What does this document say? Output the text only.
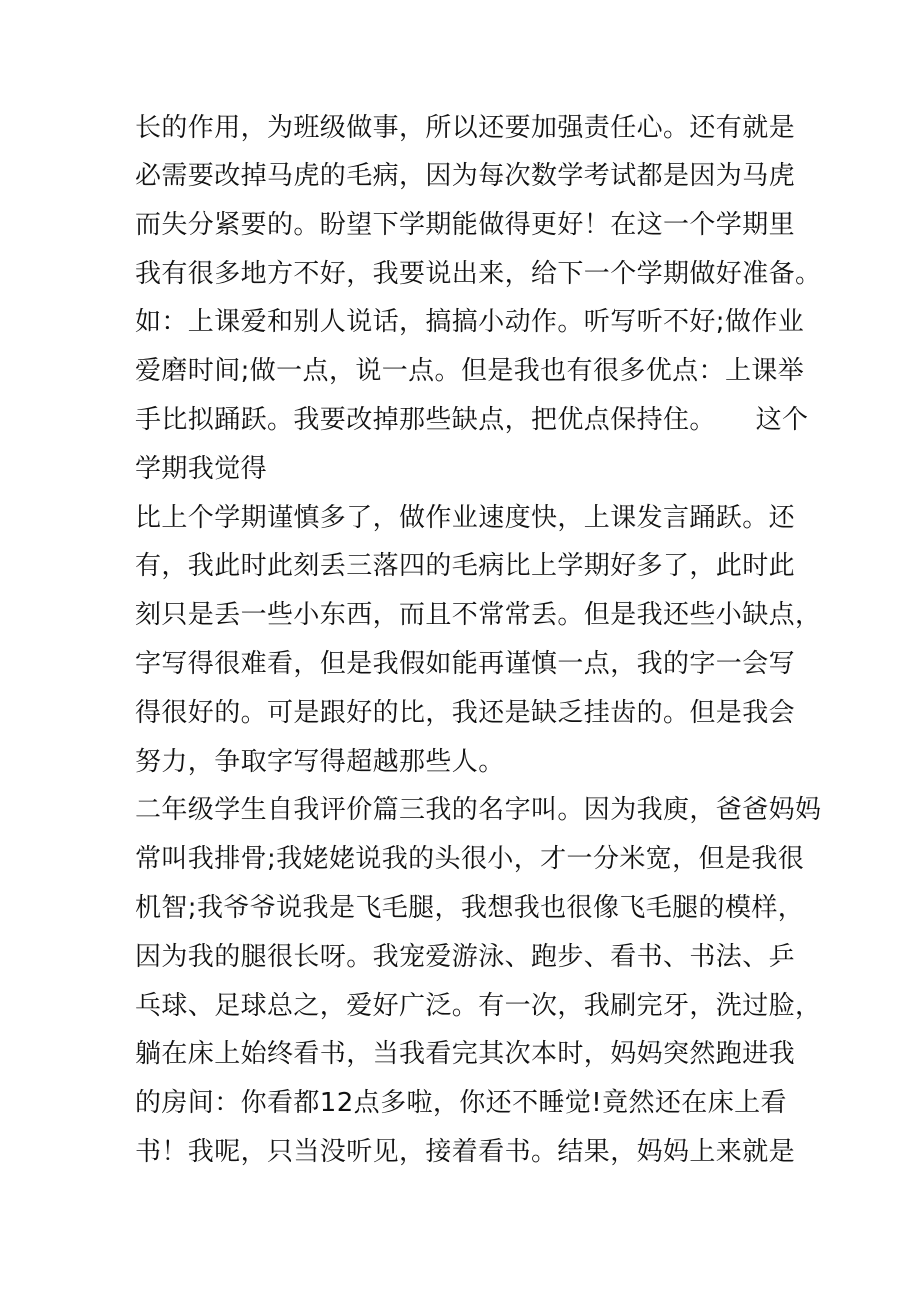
长的作用，为班级做事，所以还要加强责任心。还有就是
必需要改掉马虎的毛病，因为每次数学考试都是因为马虎
而失分紧要的。盼望下学期能做得更好！在这一个学期里
我有很多地方不好，我要说出来，给下一个学期做好准备。
如：上课爱和别人说话，搞搞小动作。听写听不好;做作业
爱磨时间;做一点，说一点。但是我也有很多优点：上课举
手比拟踊跃。我要改掉那些缺点，把优点保持住。　　这个
学期我觉得
比上个学期谨慎多了，做作业速度快，上课发言踊跃。还
有，我此时此刻丢三落四的毛病比上学期好多了，此时此
刻只是丢一些小东西，而且不常常丢。但是我还些小缺点，
字写得很难看，但是我假如能再谨慎一点，我的字一会写
得很好的。可是跟好的比，我还是缺乏挂齿的。但是我会
努力，争取字写得超越那些人。
二年级学生自我评价篇三我的名字叫。因为我庾，爸爸妈妈
常叫我排骨;我姥姥说我的头很小，才一分米宽，但是我很
机智;我爷爷说我是飞毛腿，我想我也很像飞毛腿的模样，
因为我的腿很长呀。我宠爱游泳、跑步、看书、书法、乒
乓球、足球总之，爱好广泛。有一次，我刷完牙，洗过脸，
躺在床上始终看书，当我看完其次本时，妈妈突然跑进我
的房间：你看都12点多啦，你还不睡觉!竟然还在床上看
书！我呢，只当没听见，接着看书。结果，妈妈上来就是
